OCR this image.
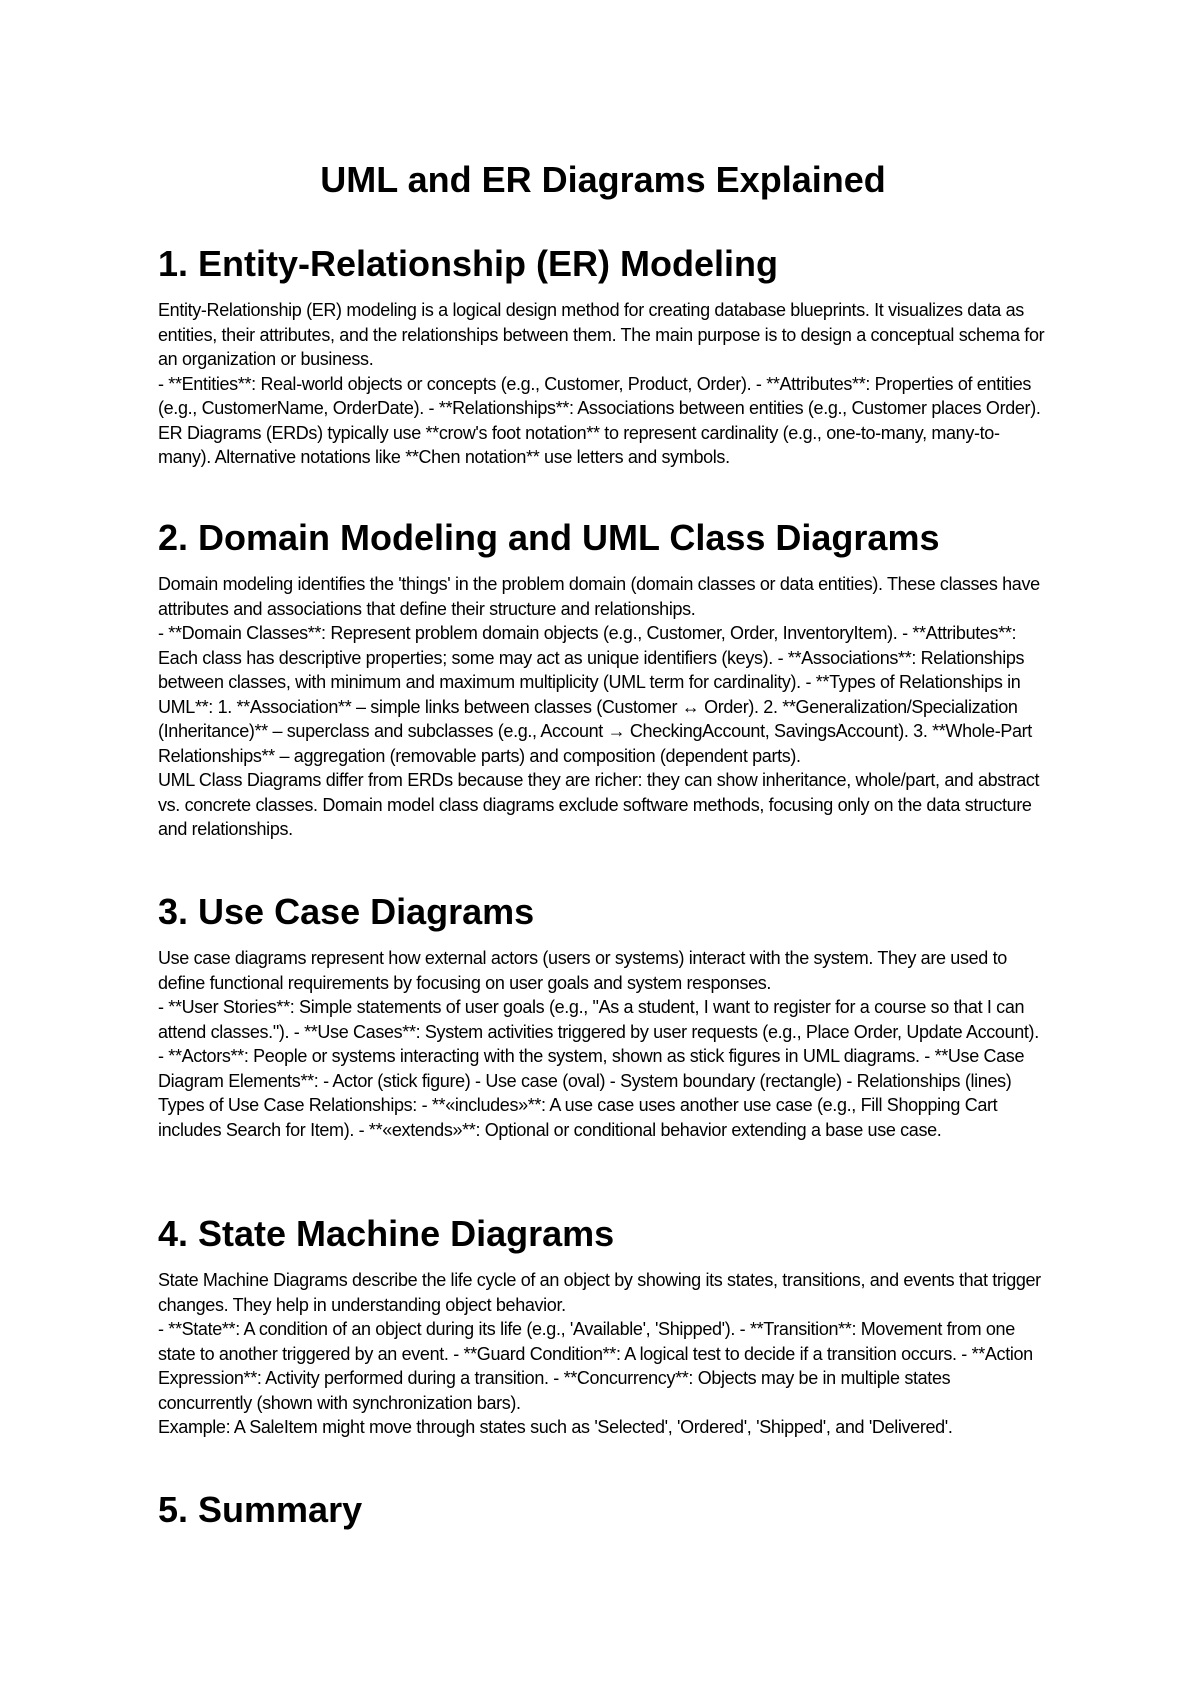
UML and ER Diagrams Explained
1. Entity-Relationship (ER) Modeling

Entity-Relationship (ER) modeling is a logical design method for creating database blueprints. It visualizes data as entities, their attributes, and the relationships between them. The main purpose is to design a conceptual schema for an organization or business.

- **Entities**: Real-world objects or concepts (e.g., Customer, Product, Order). - **Attributes**: Properties of entities (e.g., CustomerName, OrderDate). - **Relationships**: Associations between entities (e.g., Customer places Order).

ER Diagrams (ERDs) typically use **crow's foot notation** to represent cardinality (e.g., one-to-many, many-to-many). Alternative notations like **Chen notation** use letters and symbols.

2. Domain Modeling and UML Class Diagrams

Domain modeling identifies the 'things' in the problem domain (domain classes or data entities). These classes have attributes and associations that define their structure and relationships.

- **Domain Classes**: Represent problem domain objects (e.g., Customer, Order, InventoryItem). - **Attributes**: Each class has descriptive properties; some may act as unique identifiers (keys). - **Associations**: Relationships between classes, with minimum and maximum multiplicity (UML term for cardinality). - **Types of Relationships in UML**: 1. **Association** – simple links between classes (Customer ↔ Order). 2. **Generalization/Specialization (Inheritance)** – superclass and subclasses (e.g., Account → CheckingAccount, SavingsAccount). 3. **Whole-Part Relationships** – aggregation (removable parts) and composition (dependent parts).

UML Class Diagrams differ from ERDs because they are richer: they can show inheritance, whole/part, and abstract vs. concrete classes. Domain model class diagrams exclude software methods, focusing only on the data structure and relationships.

3. Use Case Diagrams

Use case diagrams represent how external actors (users or systems) interact with the system. They are used to define functional requirements by focusing on user goals and system responses.

- **User Stories**: Simple statements of user goals (e.g., "As a student, I want to register for a course so that I can attend classes."). - **Use Cases**: System activities triggered by user requests (e.g., Place Order, Update Account). - **Actors**: People or systems interacting with the system, shown as stick figures in UML diagrams. - **Use Case Diagram Elements**: - Actor (stick figure) - Use case (oval) - System boundary (rectangle) - Relationships (lines)

Types of Use Case Relationships: - **«includes»**: A use case uses another use case (e.g., Fill Shopping Cart includes Search for Item). - **«extends»**: Optional or conditional behavior extending a base use case.

4. State Machine Diagrams

State Machine Diagrams describe the life cycle of an object by showing its states, transitions, and events that trigger changes. They help in understanding object behavior.

- **State**: A condition of an object during its life (e.g., 'Available', 'Shipped'). - **Transition**: Movement from one state to another triggered by an event. - **Guard Condition**: A logical test to decide if a transition occurs. - **Action Expression**: Activity performed during a transition. - **Concurrency**: Objects may be in multiple states concurrently (shown with synchronization bars).

Example: A SaleItem might move through states such as 'Selected', 'Ordered', 'Shipped', and 'Delivered'.

5. Summary
